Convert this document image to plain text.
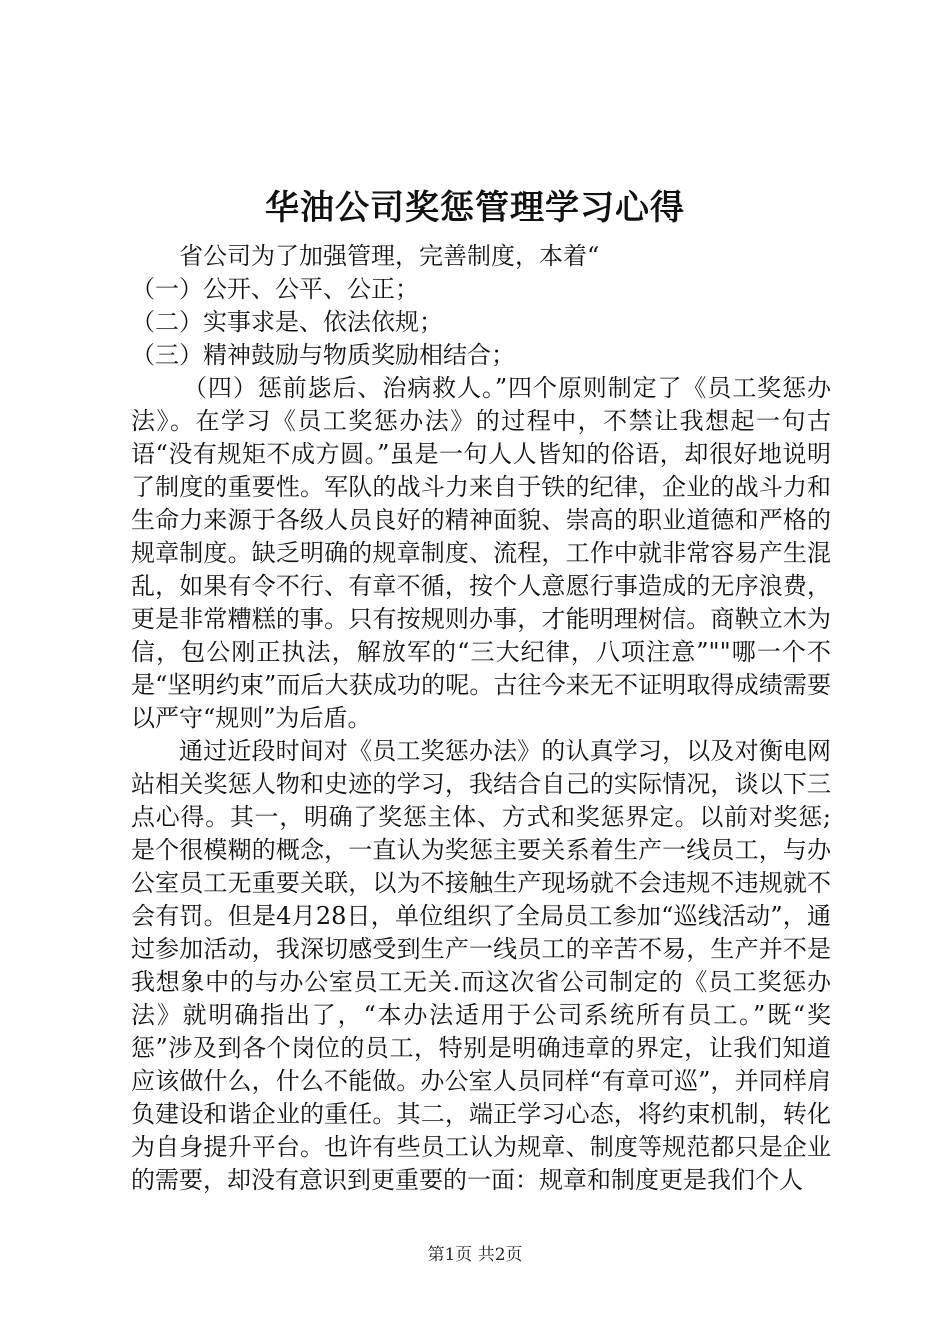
华油公司奖惩管理学习心得

省公司为了加强管理，完善制度，本着“

（一）公开、公平、公正；

（二）实事求是、依法依规；

（三）精神鼓励与物质奖励相结合；

（四）惩前毖后、治病救人。”四个原则制定了《员工奖惩办法》。在学习《员工奖惩办法》的过程中，不禁让我想起一句古语“没有规矩不成方圆。”虽是一句人人皆知的俗语，却很好地说明了制度的重要性。军队的战斗力来自于铁的纪律，企业的战斗力和生命力来源于各级人员良好的精神面貌、崇高的职业道德和严格的规章制度。缺乏明确的规章制度、流程，工作中就非常容易产生混乱，如果有令不行、有章不循，按个人意愿行事造成的无序浪费，更是非常糟糕的事。只有按规则办事，才能明理树信。商鞅立木为信，包公刚正执法，解放军的“三大纪律，八项注意”""哪一个不是“坚明约束”而后大获成功的呢。古往今来无不证明取得成绩需要以严守“规则”为后盾。

通过近段时间对《员工奖惩办法》的认真学习，以及对衡电网站相关奖惩人物和史迹的学习，我结合自己的实际情况，谈以下三点心得。其一，明确了奖惩主体、方式和奖惩界定。以前对奖惩;是个很模糊的概念，一直认为奖惩主要关系着生产一线员工，与办公室员工无重要关联，以为不接触生产现场就不会违规不违规就不会有罚。但是4月28日，单位组织了全局员工参加“巡线活动”，通过参加活动，我深切感受到生产一线员工的辛苦不易，生产并不是我想象中的与办公室员工无关.而这次省公司制定的《员工奖惩办法》就明确指出了，“本办法适用于公司系统所有员工。”既“奖惩”涉及到各个岗位的员工，特别是明确违章的界定，让我们知道应该做什么，什么不能做。办公室人员同样“有章可巡”，并同样肩负建设和谐企业的重任。其二，端正学习心态，将约束机制，转化为自身提升平台。也许有些员工认为规章、制度等规范都只是企业的需要，却没有意识到更重要的一面：规章和制度更是我们个人

第1页 共2页
